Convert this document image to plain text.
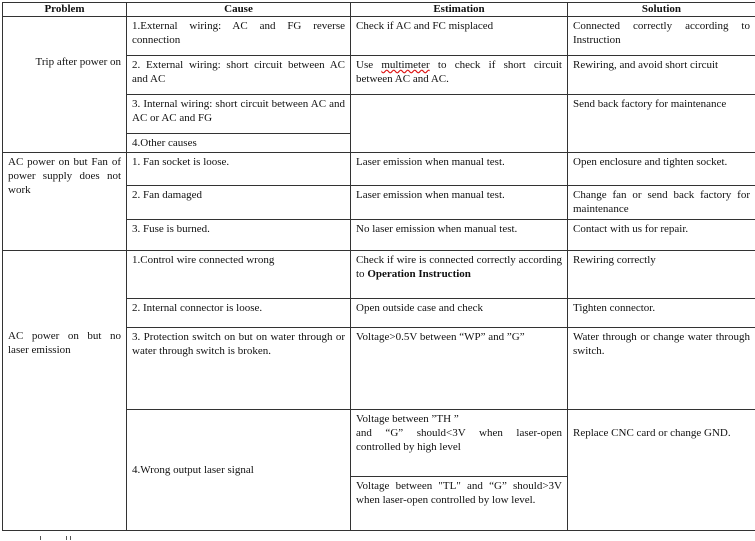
Problem	Cause	Estimation	Solution
Trip after power on	1.External wiring: AC and FG reverse connection	Check if AC and FC misplaced	Connected correctly according to Instruction
	2. External wiring: short circuit between AC and AC	Use multimeter to check if short circuit between AC and AC.	Rewiring, and avoid short circuit
	3. Internal wiring: short circuit between AC and AC or AC and FG		Send back factory for maintenance
	4.Other causes		
AC power on but Fan of power supply does not work	1. Fan socket is loose.	Laser emission when manual test.	Open enclosure and tighten socket.
	2. Fan damaged	Laser emission when manual test.	Change fan or send back factory for maintenance
	3. Fuse is burned.	No laser emission when manual test.	Contact with us for repair.
AC power on but no laser emission	1.Control wire connected wrong	Check if wire is connected correctly according to Operation Instruction	Rewiring correctly
	2. Internal connector is loose.	Open outside case and check	Tighten connector.
	3. Protection switch on but on water through or water through switch is broken.	Voltage>0.5V between “WP” and ”G”	Water through or change water through switch.
	4.Wrong output laser signal	Voltage between ”TH ”
and “G” should<3V when laser-open controlled by high level	Replace CNC card or change GND.
		Voltage between "TL" and “G” should>3V when laser-open controlled by low level.	
